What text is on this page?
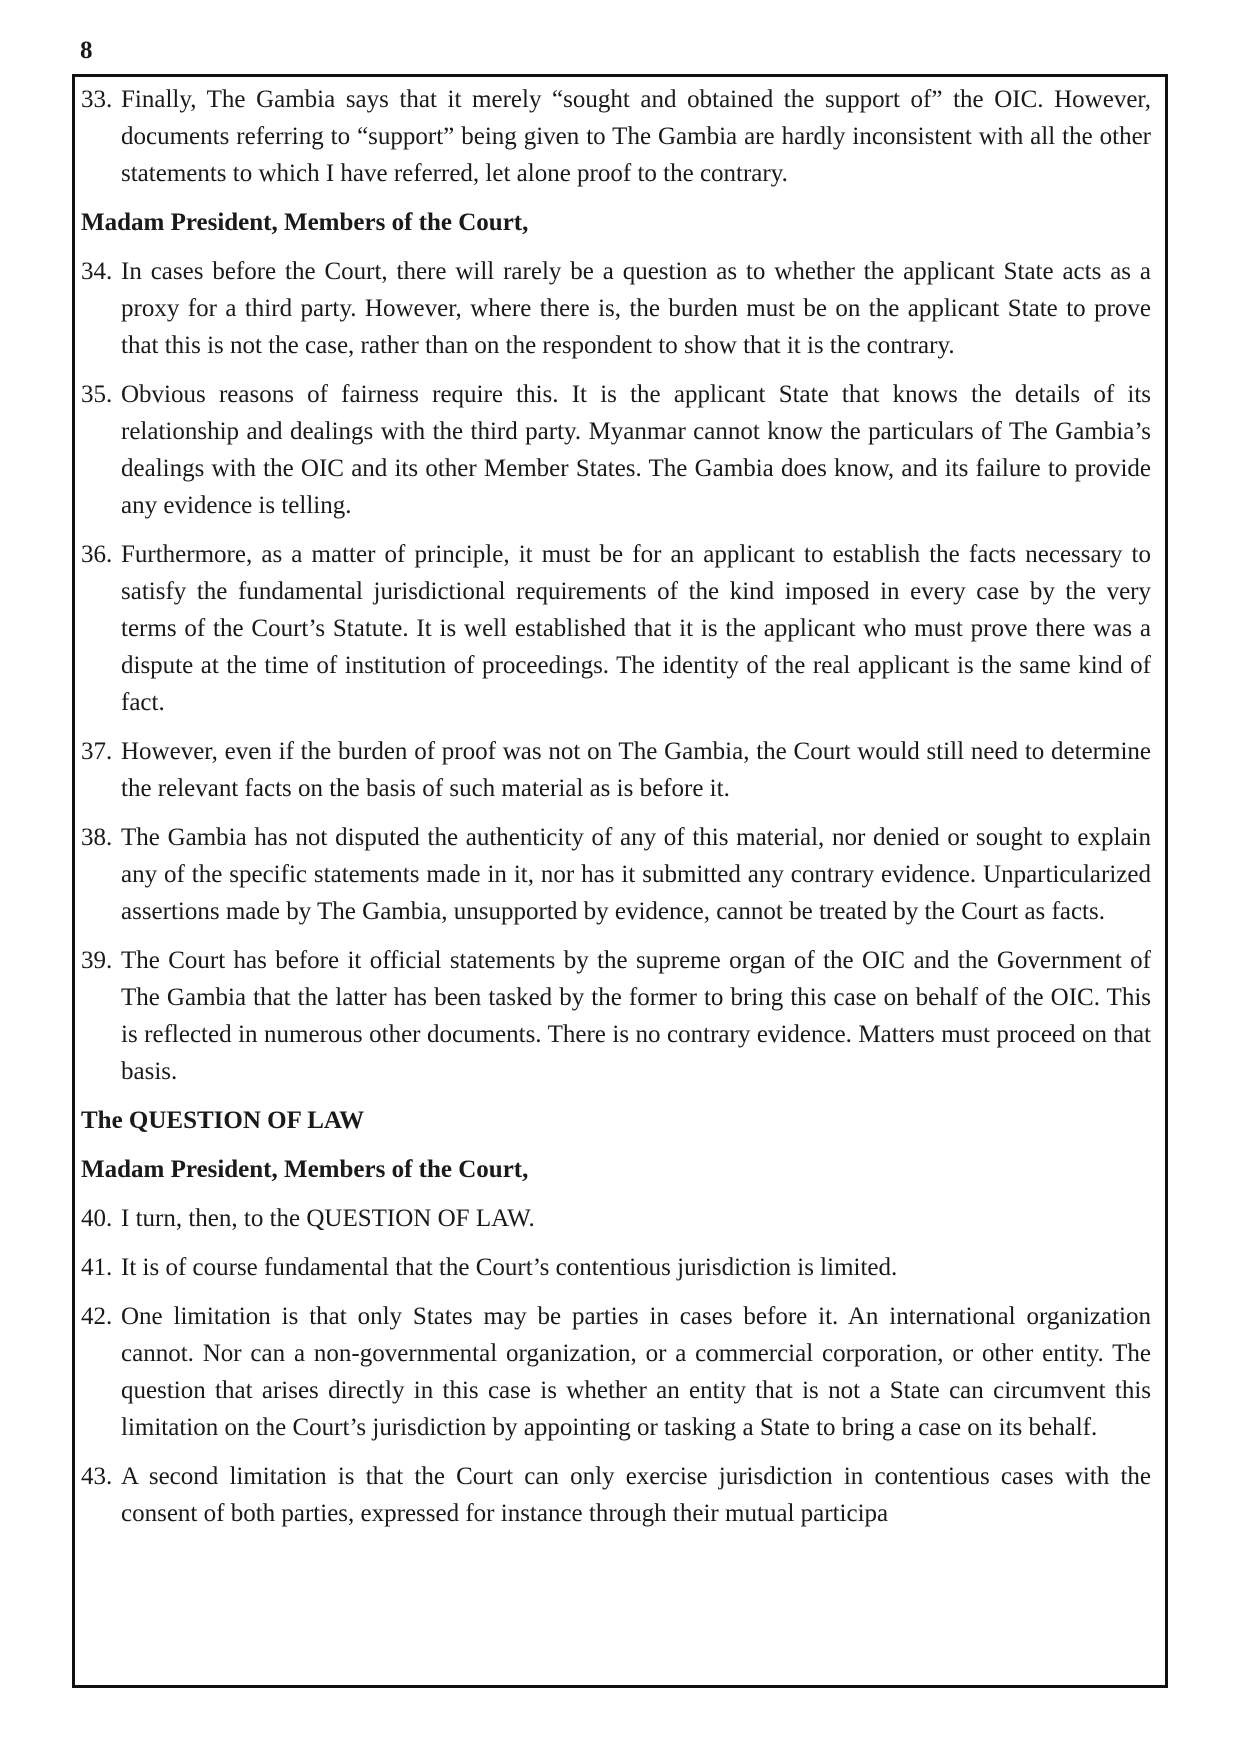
8
33. Finally, The Gambia says that it merely “sought and obtained the support of” the OIC. However, documents referring to “support” being given to The Gambia are hardly inconsistent with all the other statements to which I have referred, let alone proof to the contrary.
Madam President, Members of the Court,
34. In cases before the Court, there will rarely be a question as to whether the applicant State acts as a proxy for a third party. However, where there is, the burden must be on the applicant State to prove that this is not the case, rather than on the respondent to show that it is the contrary.
35. Obvious reasons of fairness require this. It is the applicant State that knows the details of its relationship and dealings with the third party. Myanmar cannot know the particulars of The Gambia’s dealings with the OIC and its other Member States. The Gambia does know, and its failure to provide any evidence is telling.
36. Furthermore, as a matter of principle, it must be for an applicant to establish the facts necessary to satisfy the fundamental jurisdictional requirements of the kind imposed in every case by the very terms of the Court’s Statute. It is well established that it is the applicant who must prove there was a dispute at the time of institution of proceedings. The identity of the real applicant is the same kind of fact.
37. However, even if the burden of proof was not on The Gambia, the Court would still need to determine the relevant facts on the basis of such material as is before it.
38. The Gambia has not disputed the authenticity of any of this material, nor denied or sought to explain any of the specific statements made in it, nor has it submitted any contrary evidence. Unparticularized assertions made by The Gambia, unsupported by evidence, cannot be treated by the Court as facts.
39. The Court has before it official statements by the supreme organ of the OIC and the Government of The Gambia that the latter has been tasked by the former to bring this case on behalf of the OIC. This is reflected in numerous other documents. There is no contrary evidence. Matters must proceed on that basis.
The QUESTION OF LAW
Madam President, Members of the Court,
40. I turn, then, to the QUESTION OF LAW.
41. It is of course fundamental that the Court’s contentious jurisdiction is limited.
42. One limitation is that only States may be parties in cases before it. An international organization cannot. Nor can a non-governmental organization, or a commercial corporation, or other entity. The question that arises directly in this case is whether an entity that is not a State can circumvent this limitation on the Court’s jurisdiction by appointing or tasking a State to bring a case on its behalf.
43. A second limitation is that the Court can only exercise jurisdiction in contentious cases with the consent of both parties, expressed for instance through their mutual participa
